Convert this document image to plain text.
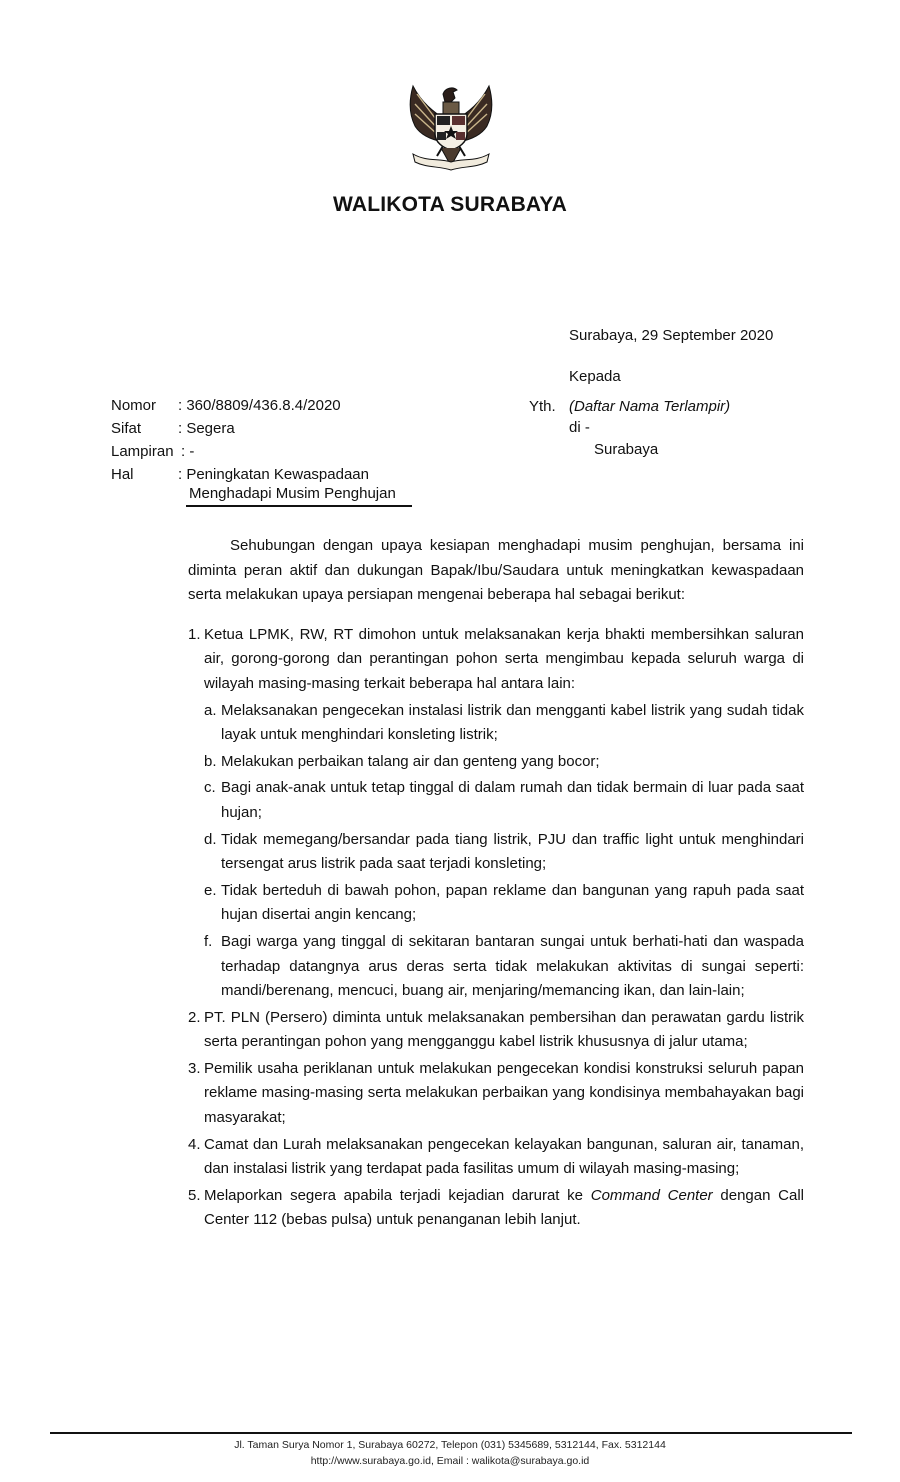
WALIKOTA SURABAYA
Surabaya, 29 September 2020
Kepada
Yth. (Daftar Nama Terlampir)
di -
Surabaya
Nomor : 360/8809/436.8.4/2020
Sifat : Segera
Lampiran : -
Hal	: Peningkatan Kewaspadaan
Menghadapi Musim Penghujan

Sehubungan dengan upaya kesiapan menghadapi musim penghujan, bersama ini diminta peran aktif dan dukungan Bapak/Ibu/Saudara untuk meningkatkan kewaspadaan serta melakukan upaya persiapan mengenai beberapa hal sebagai berikut:

1. Ketua LPMK, RW, RT dimohon untuk melaksanakan kerja bhakti membersihkan saluran air, gorong-gorong dan perantingan pohon serta mengimbau kepada seluruh warga di wilayah masing-masing terkait beberapa hal antara lain:
a. Melaksanakan pengecekan instalasi listrik dan mengganti kabel listrik yang sudah tidak layak untuk menghindari konsleting listrik;
b. Melakukan perbaikan talang air dan genteng yang bocor;
c. Bagi anak-anak untuk tetap tinggal di dalam rumah dan tidak bermain di luar pada saat hujan;
d. Tidak memegang/bersandar pada tiang listrik, PJU dan traffic light untuk menghindari tersengat arus listrik pada saat terjadi konsleting;
e. Tidak berteduh di bawah pohon, papan reklame dan bangunan yang rapuh pada saat hujan disertai angin kencang;
f. Bagi warga yang tinggal di sekitaran bantaran sungai untuk berhati-hati dan waspada terhadap datangnya arus deras serta tidak melakukan aktivitas di sungai seperti: mandi/berenang, mencuci, buang air, menjaring/memancing ikan, dan lain-lain;
2. PT. PLN (Persero) diminta untuk melaksanakan pembersihan dan perawatan gardu listrik serta perantingan pohon yang mengganggu kabel listrik khususnya di jalur utama;
3. Pemilik usaha periklanan untuk melakukan pengecekan kondisi konstruksi seluruh papan reklame masing-masing serta melakukan perbaikan yang kondisinya membahayakan bagi masyarakat;
4. Camat dan Lurah melaksanakan pengecekan kelayakan bangunan, saluran air, tanaman, dan instalasi listrik yang terdapat pada fasilitas umum di wilayah masing-masing;
5. Melaporkan segera apabila terjadi kejadian darurat ke Command Center dengan Call Center 112 (bebas pulsa) untuk penanganan lebih lanjut.
Jl. Taman Surya Nomor 1, Surabaya 60272, Telepon (031) 5345689, 5312144, Fax. 5312144
http://www.surabaya.go.id, Email : walikota@surabaya.go.id
